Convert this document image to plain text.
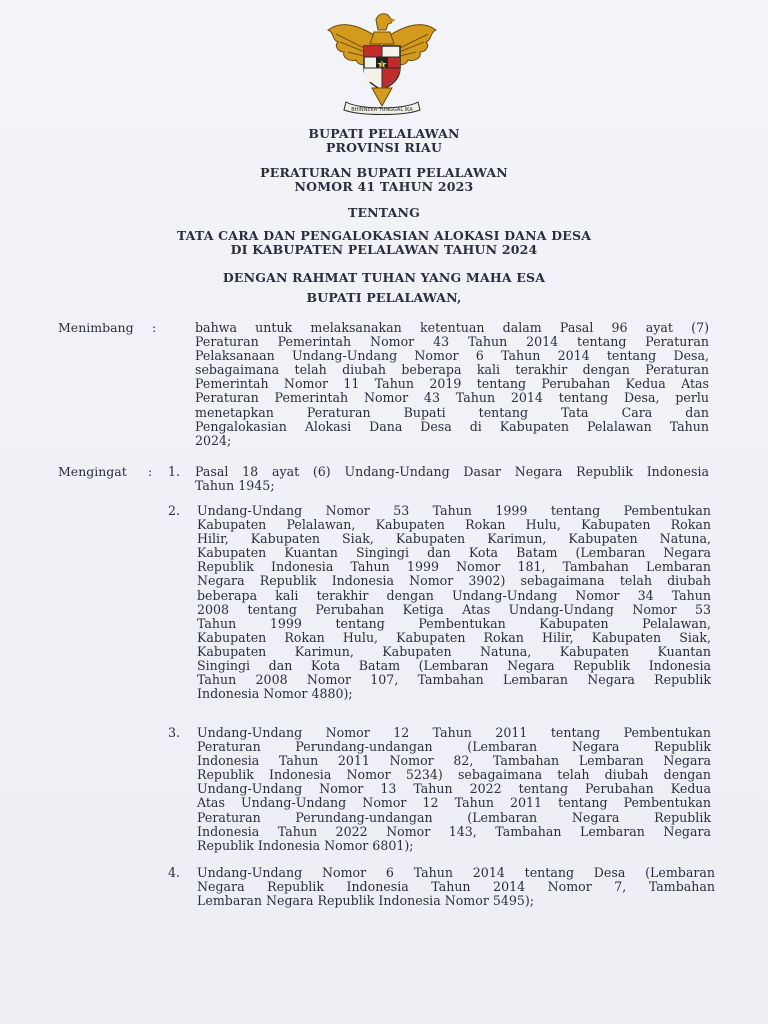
BHINNEKA TUNGGAL IKA
BUPATI PELALAWAN
PROVINSI RIAU
PERATURAN BUPATI PELALAWAN
NOMOR 41 TAHUN 2023
TENTANG
TATA CARA DAN PENGALOKASIAN ALOKASI DANA DESA
DI KABUPATEN PELALAWAN TAHUN 2024
DENGAN RAHMAT TUHAN YANG MAHA ESA
BUPATI PELALAWAN,
Menimbang :	bahwa untuk melaksanakan ketentuan dalam Pasal 96 ayat (7)
Peraturan Pemerintah Nomor 43 Tahun 2014 tentang Peraturan
Pelaksanaan Undang-Undang Nomor 6 Tahun 2014 tentang Desa,
sebagaimana telah diubah beberapa kali terakhir dengan Peraturan
Pemerintah Nomor 11 Tahun 2019 tentang Perubahan Kedua Atas
Peraturan Pemerintah Nomor 43 Tahun 2014 tentang Desa, perlu
menetapkan Peraturan Bupati tentang Tata Cara dan
Pengalokasian Alokasi Dana Desa di Kabupaten Pelalawan Tahun
2024;
Mengingat : 1. Pasal 18 ayat (6) Undang-Undang Dasar Negara Republik Indonesia
Tahun 1945;
2. Undang-Undang Nomor 53 Tahun 1999 tentang Pembentukan
Kabupaten Pelalawan, Kabupaten Rokan Hulu, Kabupaten Rokan
Hilir, Kabupaten Siak, Kabupaten Karimun, Kabupaten Natuna,
Kabupaten Kuantan Singingi dan Kota Batam (Lembaran Negara
Republik Indonesia Tahun 1999 Nomor 181, Tambahan Lembaran
Negara Republik Indonesia Nomor 3902) sebagaimana telah diubah
beberapa kali terakhir dengan Undang-Undang Nomor 34 Tahun
2008 tentang Perubahan Ketiga Atas Undang-Undang Nomor 53
Tahun 1999 tentang Pembentukan Kabupaten Pelalawan,
Kabupaten Rokan Hulu, Kabupaten Rokan Hilir, Kabupaten Siak,
Kabupaten Karimun, Kabupaten Natuna, Kabupaten Kuantan
Singingi dan Kota Batam (Lembaran Negara Republik Indonesia
Tahun 2008 Nomor 107, Tambahan Lembaran Negara Republik
Indonesia Nomor 4880);
3. Undang-Undang Nomor 12 Tahun 2011 tentang Pembentukan
Peraturan Perundang-undangan (Lembaran Negara Republik
Indonesia Tahun 2011 Nomor 82, Tambahan Lembaran Negara
Republik Indonesia Nomor 5234) sebagaimana telah diubah dengan
Undang-Undang Nomor 13 Tahun 2022 tentang Perubahan Kedua
Atas Undang-Undang Nomor 12 Tahun 2011 tentang Pembentukan
Peraturan Perundang-undangan (Lembaran Negara Republik
Indonesia Tahun 2022 Nomor 143, Tambahan Lembaran Negara
Republik Indonesia Nomor 6801);
4. Undang-Undang Nomor 6 Tahun 2014 tentang Desa (Lembaran
Negara Republik Indonesia Tahun 2014 Nomor 7, Tambahan
Lembaran Negara Republik Indonesia Nomor 5495);
